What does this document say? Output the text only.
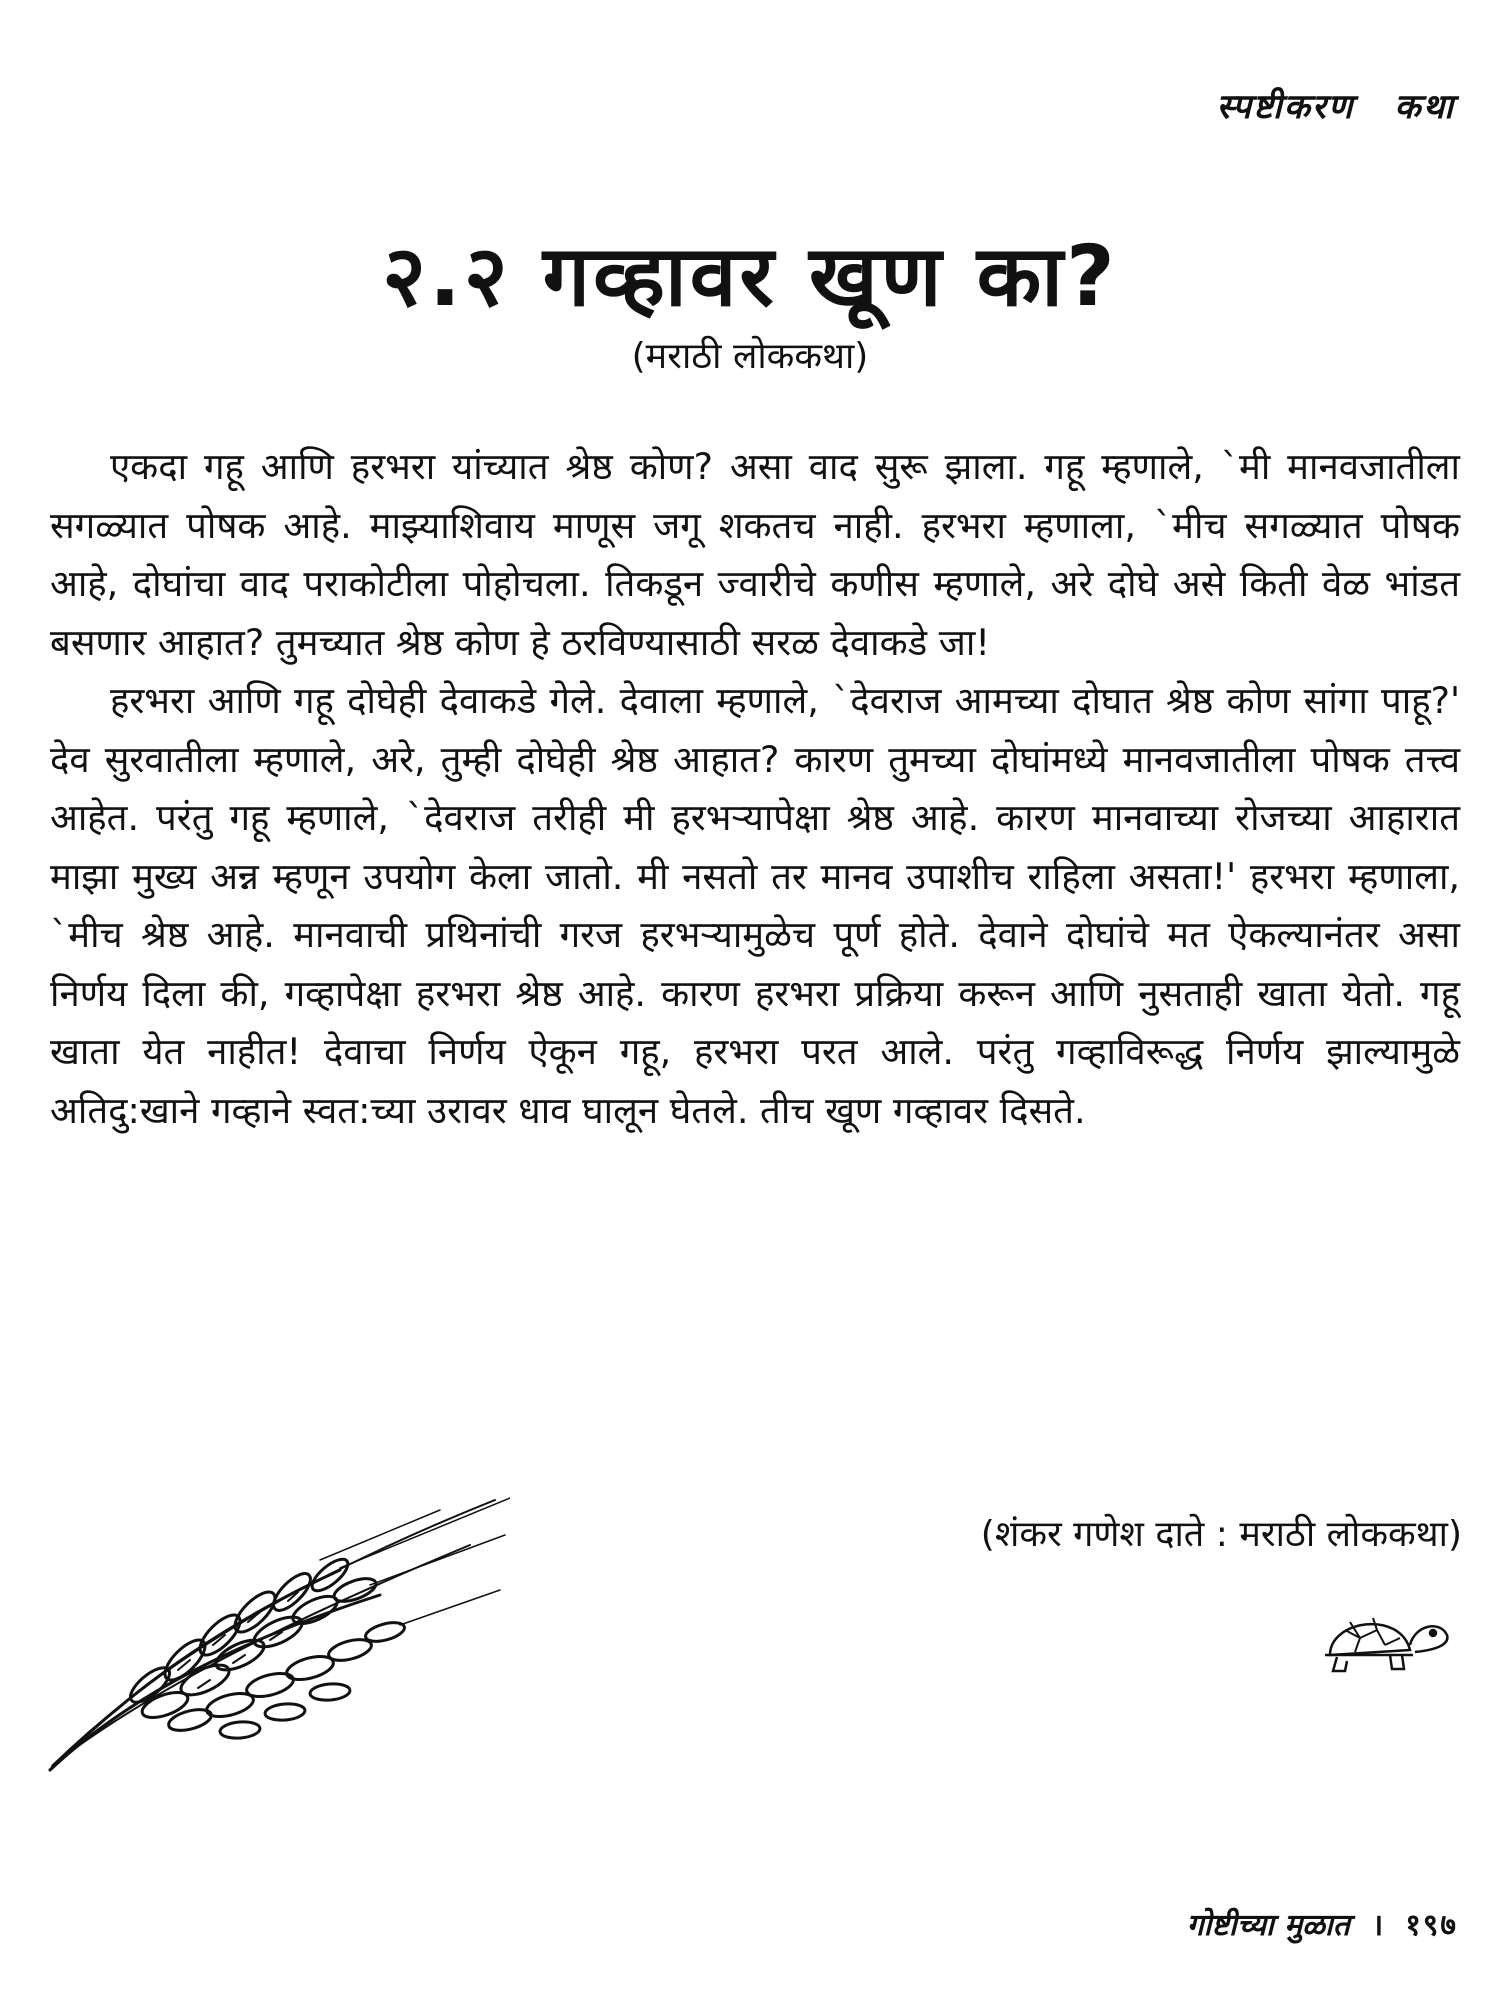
स्पष्टीकरण कथा
२.२ गव्हावर खूण का?
(मराठी लोककथा)

एकदा गहू आणि हरभरा यांच्यात श्रेष्ठ कोण? असा वाद सुरू झाला. गहू म्हणाले, `मी मानवजातीला सगळ्यात पोषक आहे. माझ्याशिवाय माणूस जगू शकतच नाही. हरभरा म्हणाला, `मीच सगळ्यात पोषक आहे, दोघांचा वाद पराकोटीला पोहोचला. तिकडून ज्वारीचे कणीस म्हणाले, अरे दोघे असे किती वेळ भांडत बसणार आहात? तुमच्यात श्रेष्ठ कोण हे ठरविण्यासाठी सरळ देवाकडे जा!

हरभरा आणि गहू दोघेही देवाकडे गेले. देवाला म्हणाले, `देवराज आमच्या दोघात श्रेष्ठ कोण सांगा पाहू?' देव सुरवातीला म्हणाले, अरे, तुम्ही दोघेही श्रेष्ठ आहात? कारण तुमच्या दोघांमध्ये मानवजातीला पोषक तत्त्व आहेत. परंतु गहू म्हणाले, `देवराज तरीही मी हरभऱ्यापेक्षा श्रेष्ठ आहे. कारण मानवाच्या रोजच्या आहारात माझा मुख्य अन्न म्हणून उपयोग केला जातो. मी नसतो तर मानव उपाशीच राहिला असता!' हरभरा म्हणाला, `मीच श्रेष्ठ आहे. मानवाची प्रथिनांची गरज हरभऱ्यामुळेच पूर्ण होते. देवाने दोघांचे मत ऐकल्यानंतर असा निर्णय दिला की, गव्हापेक्षा हरभरा श्रेष्ठ आहे. कारण हरभरा प्रक्रिया करून आणि नुसताही खाता येतो. गहू खाता येत नाहीत! देवाचा निर्णय ऐकून गहू, हरभरा परत आले. परंतु गव्हाविरूद्ध निर्णय झाल्यामुळे अतिदु:खाने गव्हाने स्वत:च्या उरावर धाव घालून घेतले. तीच खूण गव्हावर दिसते.

(शंकर गणेश दाते : मराठी लोककथा)
गोष्टीच्या मुळात । १९७
